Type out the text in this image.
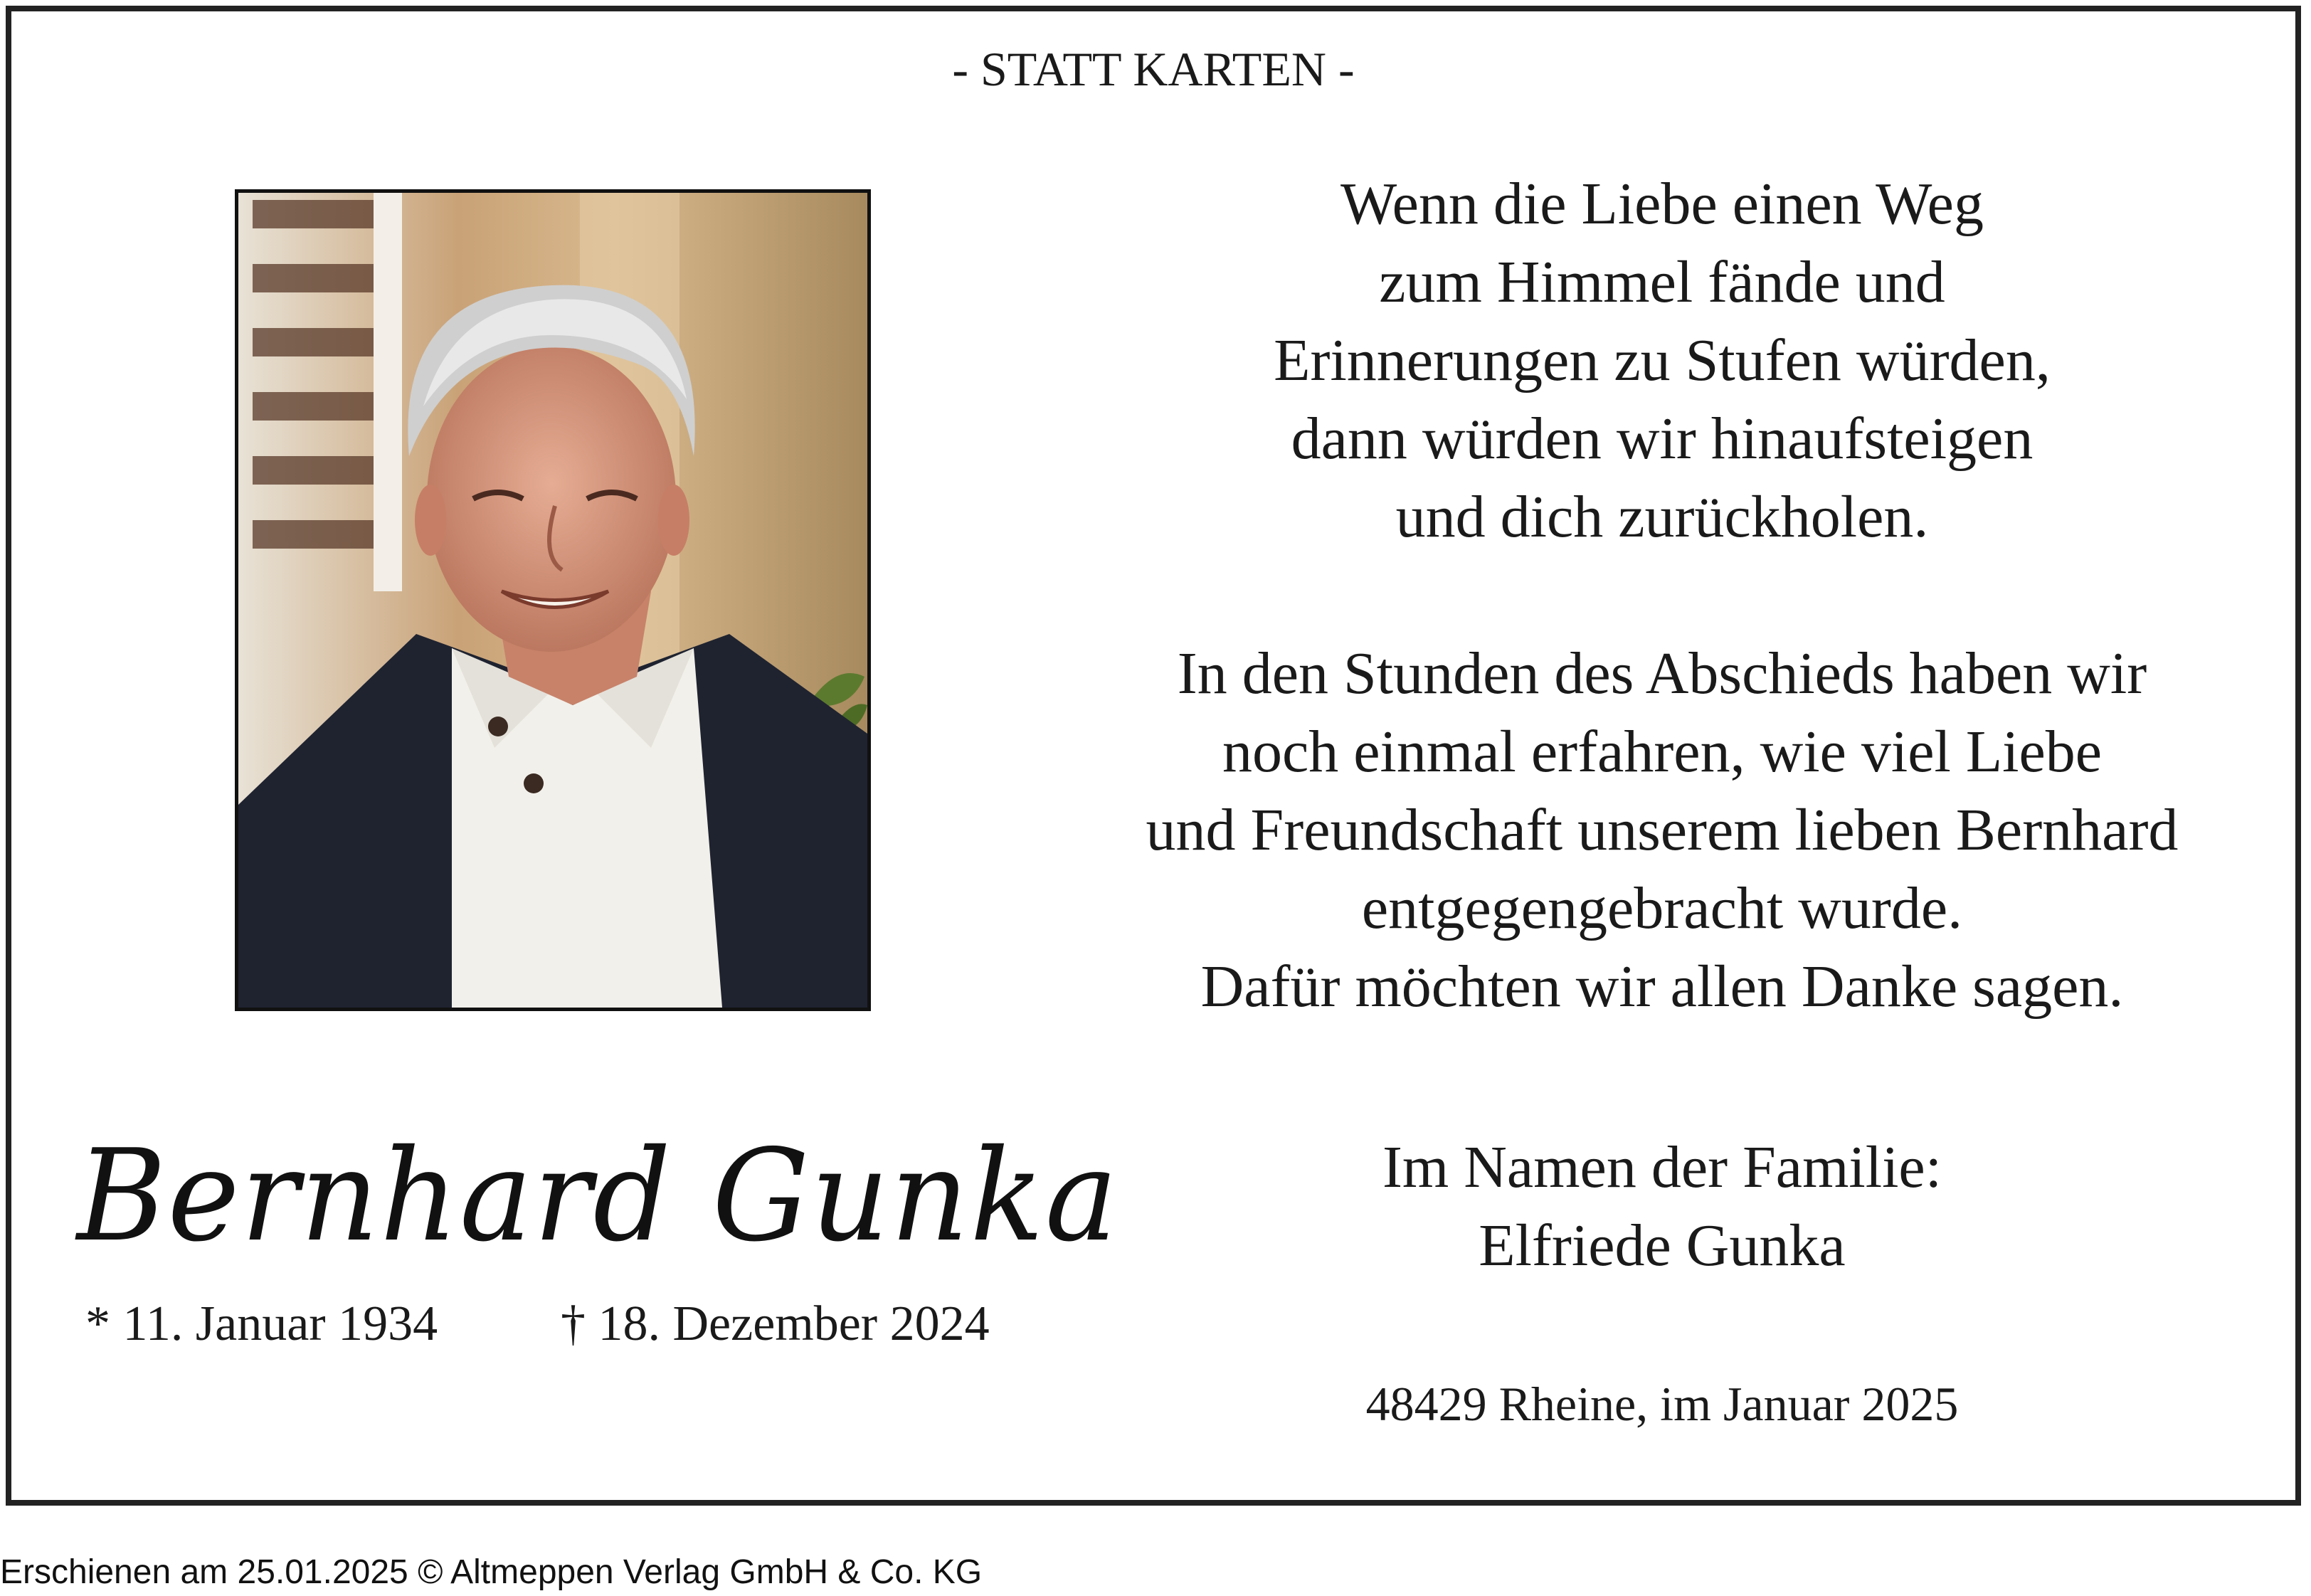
- STATT KARTEN -
Wenn die Liebe einen Weg
zum Himmel fände und
Erinnerungen zu Stufen würden,
dann würden wir hinaufsteigen
und dich zurückholen.
In den Stunden des Abschieds haben wir
noch einmal erfahren, wie viel Liebe
und Freundschaft unserem lieben Bernhard
entgegengebracht wurde.
Dafür möchten wir allen Danke sagen.
Bernhard Gunka
* 11. Januar 1934 † 18. Dezember 2024
Im Namen der Familie:
Elfriede Gunka
48429 Rheine, im Januar 2025
Erschienen am 25.01.2025 © Altmeppen Verlag GmbH & Co. KG
